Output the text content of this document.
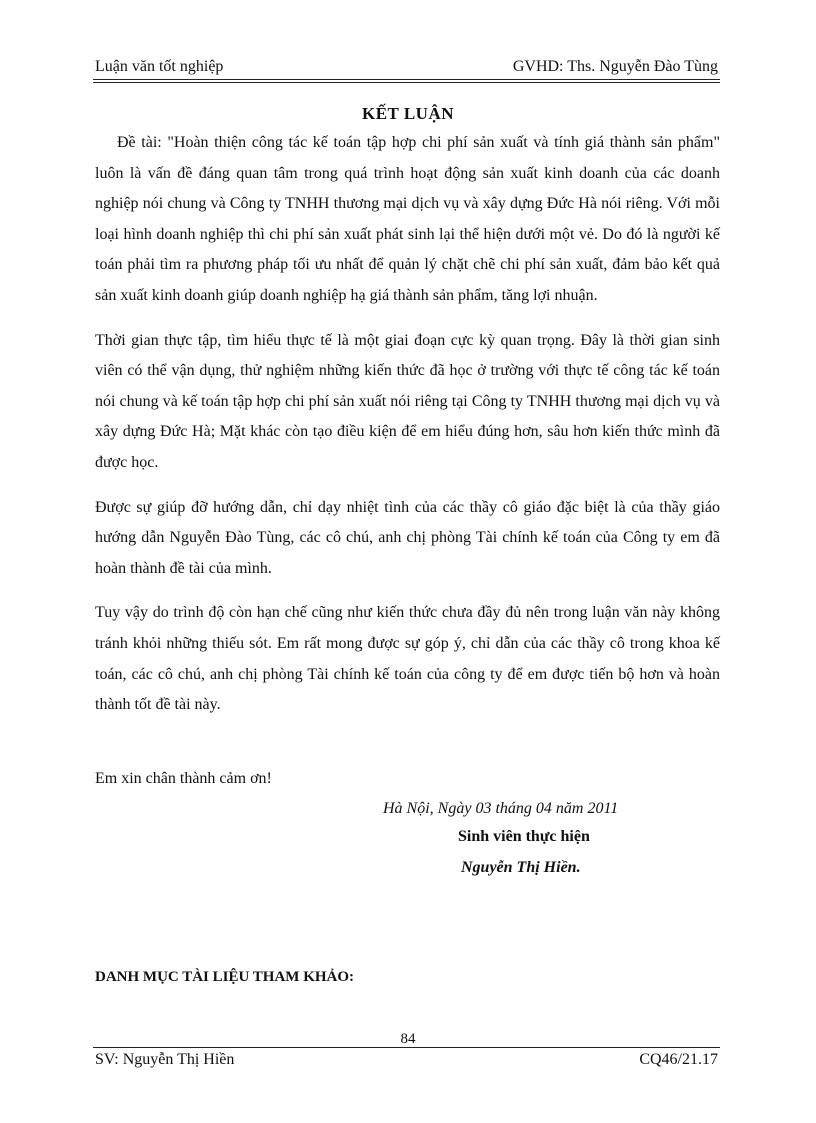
Luận văn tốt nghiệp	GVHD: Ths. Nguyễn Đào Tùng
KẾT LUẬN

Đề tài: "Hoàn thiện công tác kế toán tập hợp chi phí sản xuất và tính giá thành sản phẩm" luôn là vấn đề đáng quan tâm trong quá trình hoạt động sản xuất kinh doanh của các doanh nghiệp nói chung và Công ty TNHH thương mại dịch vụ và xây dựng Đức Hà nói riêng. Với mỗi loại hình doanh nghiệp thì chi phí sản xuất phát sinh lại thể hiện dưới một vẻ. Do đó là người kế toán phải tìm ra phương pháp tối ưu nhất để quản lý chặt chẽ chi phí sản xuất, đảm bảo kết quả sản xuất kinh doanh giúp doanh nghiệp hạ giá thành sản phẩm, tăng lợi nhuận.

Thời gian thực tập, tìm hiểu thực tế là một giai đoạn cực kỳ quan trọng. Đây là thời gian sinh viên có thể vận dụng, thử nghiệm những kiến thức đã học ở trường với thực tế công tác kế toán nói chung và kế toán tập hợp chi phí sản xuất nói riêng tại Công ty TNHH thương mại dịch vụ và xây dựng Đức Hà; Mặt khác còn tạo điều kiện để em hiểu đúng hơn, sâu hơn kiến thức mình đã được học.

Được sự giúp đỡ hướng dẫn, chỉ dạy nhiệt tình của các thầy cô giáo đặc biệt là của thầy giáo hướng dẫn Nguyễn Đào Tùng, các cô chú, anh chị phòng Tài chính kế toán của Công ty em đã hoàn thành đề tài của mình.

Tuy vậy do trình độ còn hạn chế cũng như kiến thức chưa đầy đủ nên trong luận văn này không tránh khỏi những thiếu sót. Em rất mong được sự góp ý, chỉ dẫn của các thầy cô trong khoa kế toán, các cô chú, anh chị phòng Tài chính kế toán của công ty để em được tiến bộ hơn và hoàn thành tốt đề tài này.

Em xin chân thành cảm ơn!
Hà Nội, Ngày 03 tháng 04 năm 2011
Sinh viên thực hiện
Nguyễn Thị Hiền.
DANH MỤC TÀI LIỆU THAM KHẢO:
84
SV: Nguyễn Thị Hiền	CQ46/21.17
